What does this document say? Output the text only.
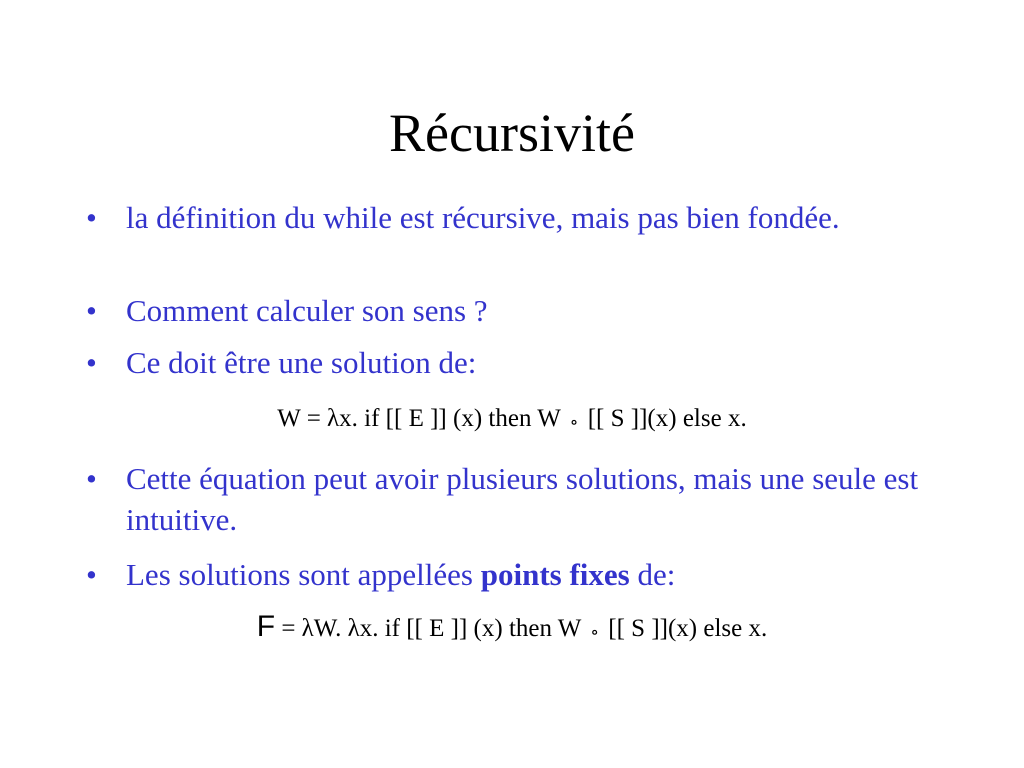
Récursivité
• la définition du while est récursive, mais pas bien fondée.
• Comment calculer son sens ?
• Ce doit être une solution de:
W = λx. if [[ E ]] (x) then W ∘ [[ S ]](x) else x.
• Cette équation peut avoir plusieurs solutions, mais une seule est intuitive.
• Les solutions sont appellées points fixes de:
F = λW. λx. if [[ E ]] (x) then W ∘ [[ S ]](x) else x.
